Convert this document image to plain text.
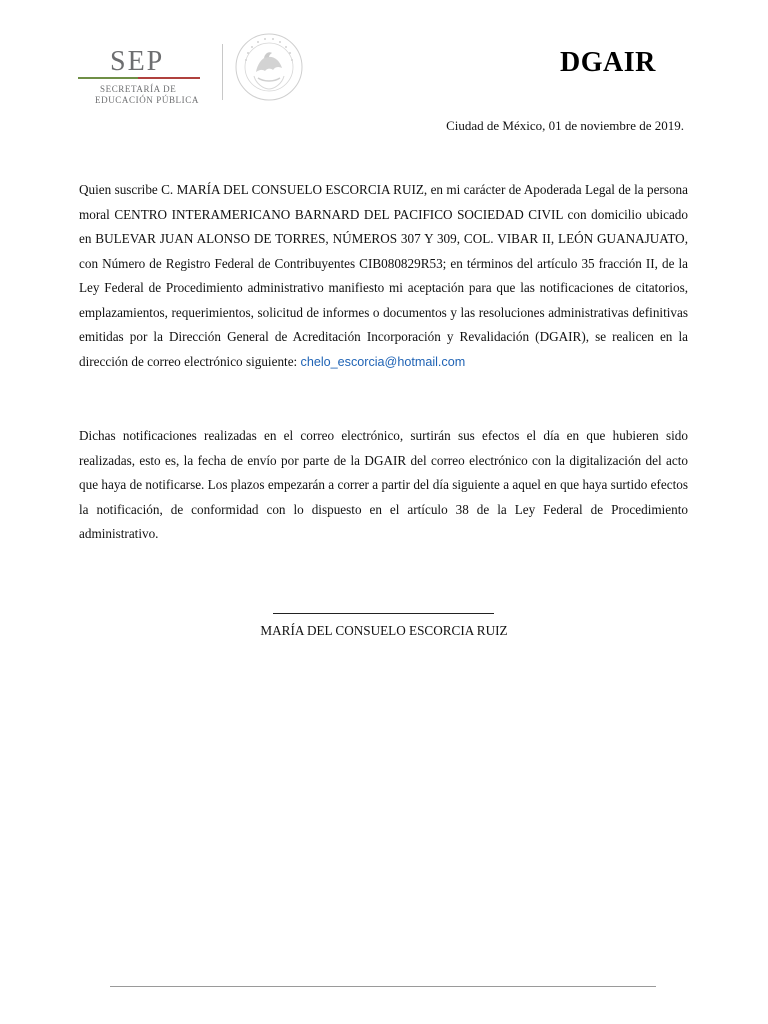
SEP
SECRETARÍA DE
EDUCACIÓN PÚBLICA
DGAIR
Ciudad de México, 01 de noviembre de 2019.
Quien suscribe C. MARÍA DEL CONSUELO ESCORCIA RUIZ, en mi carácter de Apoderada Legal de la persona moral CENTRO INTERAMERICANO BARNARD DEL PACIFICO SOCIEDAD CIVIL con domicilio ubicado en BULEVAR JUAN ALONSO DE TORRES, NÚMEROS 307 Y 309, COL. VIBAR II, LEÓN GUANAJUATO, con Número de Registro Federal de Contribuyentes CIB080829R53; en términos del artículo 35 fracción II, de la Ley Federal de Procedimiento administrativo manifiesto mi aceptación para que las notificaciones de citatorios, emplazamientos, requerimientos, solicitud de informes o documentos y las resoluciones administrativas definitivas emitidas por la Dirección General de Acreditación Incorporación y Revalidación (DGAIR), se realicen en la dirección de correo electrónico siguiente: chelo_escorcia@hotmail.com
Dichas notificaciones realizadas en el correo electrónico, surtirán sus efectos el día en que hubieren sido realizadas, esto es, la fecha de envío por parte de la DGAIR del correo electrónico con la digitalización del acto que haya de notificarse. Los plazos empezarán a correr a partir del día siguiente a aquel en que haya surtido efectos la notificación, de conformidad con lo dispuesto en el artículo 38 de la Ley Federal de Procedimiento administrativo.
MARÍA DEL CONSUELO ESCORCIA RUIZ
